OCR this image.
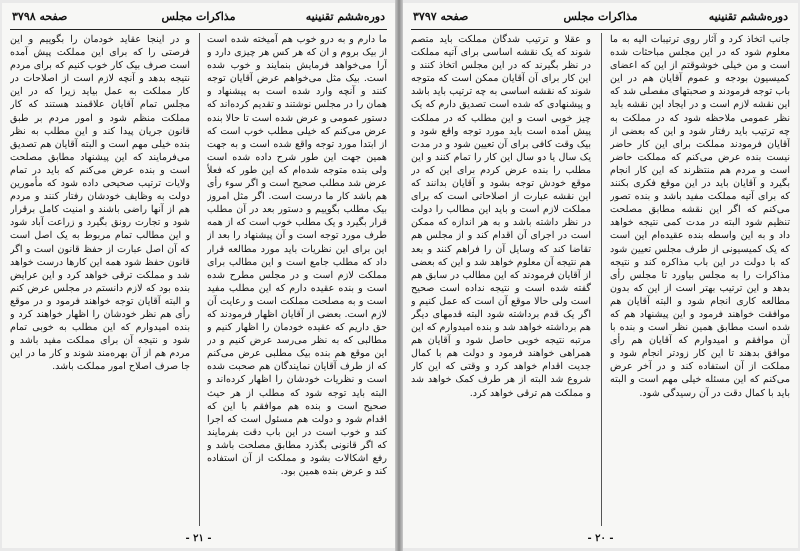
دوره‌ششم تقنینیه
مذاکرات مجلس
صفحه ۳۷۹۸

ما دارم و به درو خوب هم آمیخته شده است از بیک بروم و ان که هر کس هر چیزی دارد و آرا می‌خواهد فرمایش بنمایند و خوب شده است. بیک مثل می‌خواهم عرض آقایان توجه کنند و آنچه وارد شده است به پیشنهاد و همان را در مجلس نوشتند و تقدیم کرده‌اند که دستور عمومی و عرض شده است تا حالا بنده عرض می‌کنم که خیلی مطلب خوب است که از ابتدا مورد توجه واقع شده است و به جهت همین جهت این طور شرح داده شده است ولی بنده متوجه شده‌ام که این طور که فعلاً عرض شد مطلب صحیح است و اگر سوء رأی هم باشد کار ما درست است. اگر مثل امروز بیک مطلب بگوییم و دستور بعد در آن مطلب قرار بگیرد و یک مطلب خوب است که از همه طرف مورد توجه است و آن پیشنهاد را بعد از این برای این نظریات باید مورد مطالعه قرار داد که مطلب جامع است و این مطالب برای مملکت لازم است و در مجلس مطرح شده است و بنده عقیده دارم که این مطلب مفید است و به مصلحت مملکت است و رعایت آن لازم است. بعضی از آقایان اظهار فرمودند که حق داریم که عقیده خودمان را اظهار کنیم و مطالبی که به نظر می‌رسد عرض کنیم و در این موقع هم بنده بیک مطلبی عرض می‌کنم که از طرف آقایان نمایندگان هم صحبت شده است و نظریات خودشان را اظهار کرده‌اند و البته باید توجه شود که مطلب از هر حیث صحیح است و بنده هم موافقم با این که اقدام شود و دولت هم مسئول است که اجرا کند و خوب است در این باب دقت بفرمایند که اگر قانونی بگذرد مطابق مصلحت باشد و رفع اشکالات بشود و مملکت از آن استفاده کند و عرض بنده همین بود.

و در اینجا عقاید خودمان را بگوییم و این فرصتی را که برای این مملکت پیش آمده است صرف بیک کار خوب کنیم که برای مردم نتیجه بدهد و آنچه لازم است از اصلاحات در کار مملکت به عمل بیاید زیرا که در این مجلس تمام آقایان علاقمند هستند که کار مملکت منظم شود و امور مردم بر طبق قانون جریان پیدا کند و این مطلب به نظر بنده خیلی مهم است و البته آقایان هم تصدیق می‌فرمایند که این پیشنهاد مطابق مصلحت است و بنده عرض می‌کنم که باید در تمام ولایات ترتیب صحیحی داده شود که مأمورین دولت به وظایف خودشان رفتار کنند و مردم هم از آنها راضی باشند و امنیت کامل برقرار شود و تجارت رونق بگیرد و زراعت آباد شود و این مطالب تمام مربوط به یک اصل است که آن اصل عبارت از حفظ قانون است و اگر قانون حفظ شود همه این کارها درست خواهد شد و مملکت ترقی خواهد کرد و این عرایض بنده بود که لازم دانستم در مجلس عرض کنم و البته آقایان توجه خواهند فرمود و در موقع رأی هم نظر خودشان را اظهار خواهند کرد و بنده امیدوارم که این مطلب به خوبی تمام شود و نتیجه آن برای مملکت مفید باشد و مردم هم از آن بهره‌مند شوند و کار ما در این جا صرف اصلاح امور مملکت باشد.

- ۲۱ -
دوره‌ششم تقنینیه
مذاکرات مجلس
صفحه ۳۷۹۷

جانب اتخاذ کرد و آثار روی ترتیبات الیه به ما معلوم شود که در این مجلس مباحثات شده است و من خیلی خوشوقتم از این که اعضای کمیسیون بودجه و عموم آقایان هم در این باب توجه فرمودند و صحبتهای مفصلی شد که این نقشه لازم است و در ایجاد این نقشه باید نظر عمومی ملاحظه شود که در مملکت به چه ترتیب باید رفتار شود و این که بعضی از آقایان فرمودند مملکت برای این کار حاضر نیست بنده عرض می‌کنم که مملکت حاضر است و مردم هم منتظرند که این کار انجام بگیرد و آقایان باید در این موقع فکری بکنند که برای آتیه مملکت مفید باشد و بنده تصور می‌کنم که اگر این نقشه مطابق مصلحت تنظیم شود البته در مدت کمی نتیجه خواهد داد و به این واسطه بنده عقیده‌ام این است که یک کمیسیونی از طرف مجلس تعیین شود که با دولت در این باب مذاکره کند و نتیجه مذاکرات را به مجلس بیاورد تا مجلس رأی بدهد و این ترتیب بهتر است از این که بدون مطالعه کاری انجام شود و البته آقایان هم موافقت خواهند فرمود و این پیشنهاد هم که شده است مطابق همین نظر است و بنده با آن موافقم و امیدوارم که آقایان هم رأی موافق بدهند تا این کار زودتر انجام شود و مملکت از آن استفاده کند و در آخر عرض می‌کنم که این مسئله خیلی مهم است و البته باید با کمال دقت در آن رسیدگی شود.

و عقلا و ترتیب شدگان مملکت باید متصم شوند که یک نقشه اساسی برای آتیه مملکت در نظر بگیرند که در این مجلس اتخاذ کنند و این کار برای آن آقایان ممکن است که متوجه شوند که نقشه اساسی به چه ترتیب باید باشد و پیشنهادی که شده است تصدیق دارم که یک چیز خوبی است و این مطلب که در مملکت پیش آمده است باید مورد توجه واقع شود و بیک وقت کافی برای آن تعیین شود و در مدت یک سال یا دو سال این کار را تمام کنند و این مطلب را بنده عرض کردم برای این که در موقع خودش توجه بشود و آقایان بدانند که این نقشه عبارت از اصلاحاتی است که برای مملکت لازم است و باید این مطالب را دولت در نظر داشته باشد و به هر اندازه که ممکن است در اجرای آن اقدام کند و از مجلس هم تقاضا کند که وسایل آن را فراهم کنند و بعد هم نتیجه آن معلوم خواهد شد و این که بعضی از آقایان فرمودند که این مطالب در سابق هم گفته شده است و نتیجه نداده است صحیح است ولی حالا موقع آن است که عمل کنیم و اگر یک قدم برداشته شود البته قدمهای دیگر هم برداشته خواهد شد و بنده امیدوارم که این مرتبه نتیجه خوبی حاصل شود و آقایان هم همراهی خواهند فرمود و دولت هم با کمال جدیت اقدام خواهد کرد و وقتی که این کار شروع شد البته از هر طرف کمک خواهد شد و مملکت هم ترقی خواهد کرد.

- ۲۰ -
